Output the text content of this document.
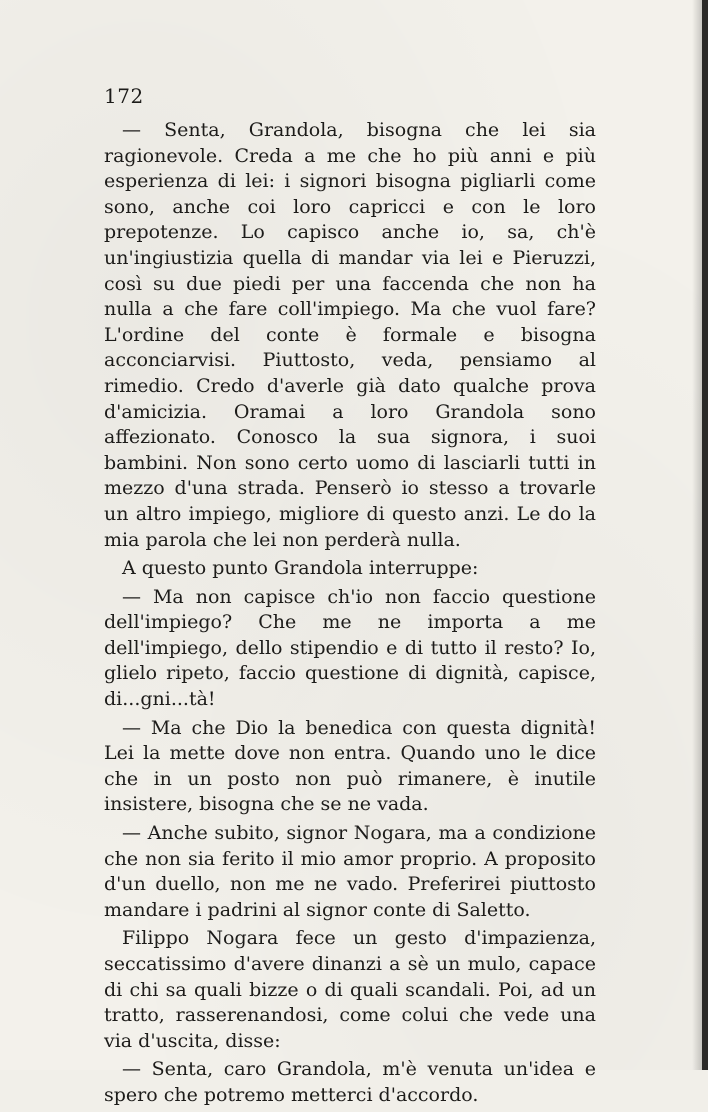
172

— Senta, Grandola, bisogna che lei sia ragionevole. Creda a me che ho più anni e più esperienza di lei: i signori bisogna pigliarli come sono, anche coi loro capricci e con le loro prepotenze. Lo capisco anche io, sa, ch'è un'ingiustizia quella di mandar via lei e Pieruzzi, così su due piedi per una faccenda che non ha nulla a che fare coll'impiego. Ma che vuol fare? L'ordine del conte è formale e bisogna acconciarvisi. Piuttosto, veda, pensiamo al rimedio. Credo d'averle già dato qualche prova d'amicizia. Oramai a loro Grandola sono affezionato. Conosco la sua signora, i suoi bambini. Non sono certo uomo di lasciarli tutti in mezzo d'una strada. Penserò io stesso a trovarle un altro impiego, migliore di questo anzi. Le do la mia parola che lei non perderà nulla.

A questo punto Grandola interruppe:

— Ma non capisce ch'io non faccio questione dell'impiego? Che me ne importa a me dell'impiego, dello stipendio e di tutto il resto? Io, glielo ripeto, faccio questione di dignità, capisce, di...gni...tà!

— Ma che Dio la benedica con questa dignità! Lei la mette dove non entra. Quando uno le dice che in un posto non può rimanere, è inutile insistere, bisogna che se ne vada.

— Anche subito, signor Nogara, ma a condizione che non sia ferito il mio amor proprio. A proposito d'un duello, non me ne vado. Preferirei piuttosto mandare i padrini al signor conte di Saletto.

Filippo Nogara fece un gesto d'impazienza, seccatissimo d'avere dinanzi a sè un mulo, capace di chi sa quali bizze o di quali scandali. Poi, ad un tratto, rasserenandosi, come colui che vede una via d'uscita, disse:

— Senta, caro Grandola, m'è venuta un'idea e spero che potremo metterci d'accordo.
